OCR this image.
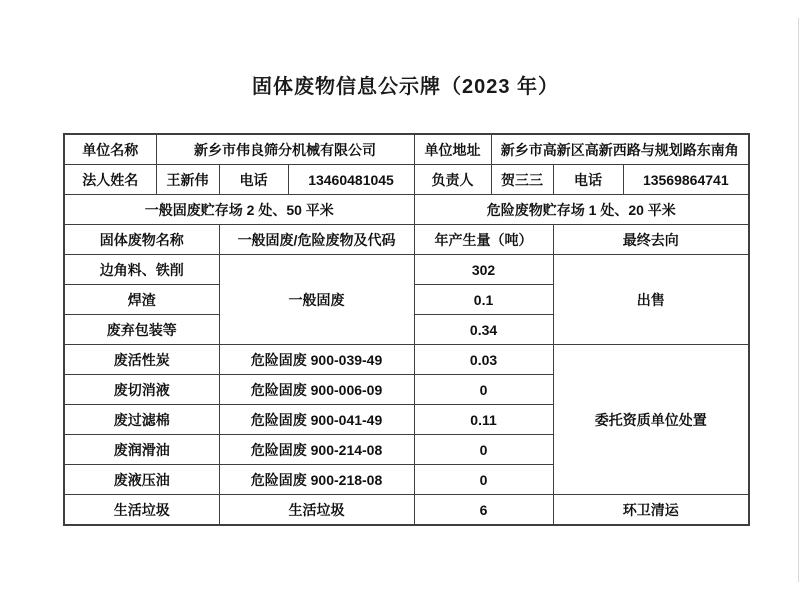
固体废物信息公示牌（2023 年）
单位名称	新乡市伟良筛分机械有限公司			单位地址	新乡市高新区高新西路与规划路东南角		
法人姓名	王新伟	电话	13460481045	负责人	贺三三	电话	13569864741
一般固废贮存场 2 处、50 平米				危险废物贮存场 1 处、20 平米			
固体废物名称		一般固废/危险废物及代码		年产生量（吨）		最终去向	
边角料、铁削		一般固废		302		出售	
焊渣				0.1			
废弃包装等				0.34			
废活性炭		危险固废 900-039-49		0.03		委托资质单位处置	
废切消液		危险固废 900-006-09		0			
废过滤棉		危险固废 900-041-49		0.11			
废润滑油		危险固废 900-214-08		0			
废液压油		危险固废 900-218-08		0			
生活垃圾		生活垃圾		6		环卫清运	
